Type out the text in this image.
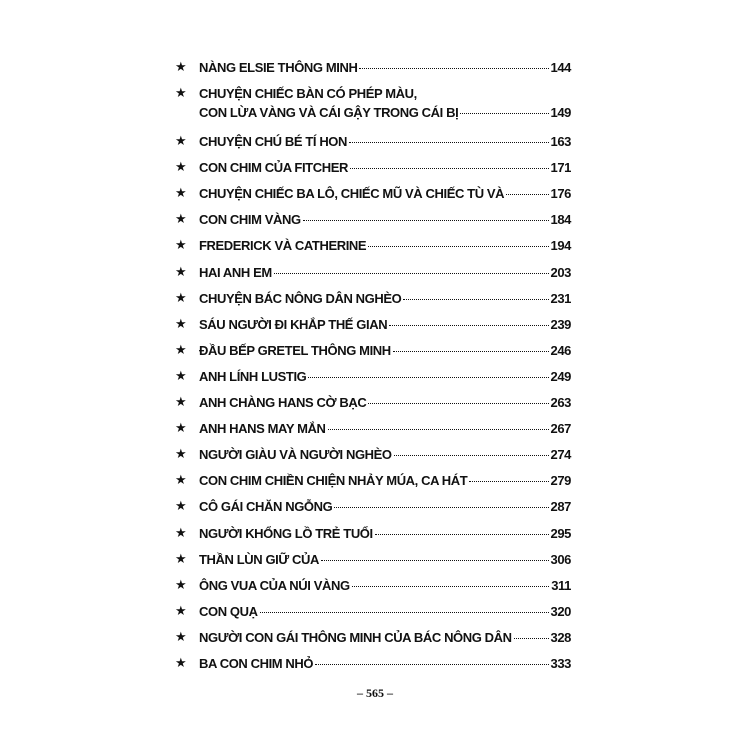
★ NÀNG ELSIE THÔNG MINH	144
★ CHUYỆN CHIẾC BÀN CÓ PHÉP MÀU,
CON LỪA VÀNG VÀ CÁI GẬY TRONG CÁI BỊ	149
★ CHUYỆN CHÚ BÉ TÍ HON	163
★ CON CHIM CỦA FITCHER	171
★ CHUYỆN CHIẾC BA LÔ, CHIẾC MŨ VÀ CHIẾC TÙ VÀ	176
★ CON CHIM VÀNG	184
★ FREDERICK VÀ CATHERINE	194
★ HAI ANH EM	203
★ CHUYỆN BÁC NÔNG DÂN NGHÈO	231
★ SÁU NGƯỜI ĐI KHẮP THẾ GIAN	239
★ ĐẦU BẾP GRETEL THÔNG MINH	246
★ ANH LÍNH LUSTIG	249
★ ANH CHÀNG HANS CỜ BẠC	263
★ ANH HANS MAY MẮN	267
★ NGƯỜI GIÀU VÀ NGƯỜI NGHÈO	274
★ CON CHIM CHIỀN CHIỆN NHẢY MÚA, CA HÁT	279
★ CÔ GÁI CHĂN NGỖNG	287
★ NGƯỜI KHỔNG LỒ TRẺ TUỔI	295
★ THẦN LÙN GIỮ CỦA	306
★ ÔNG VUA CỦA NÚI VÀNG	311
★ CON QUẠ	320
★ NGƯỜI CON GÁI THÔNG MINH CỦA BÁC NÔNG DÂN	328
★ BA CON CHIM NHỎ	333
– 565 –
